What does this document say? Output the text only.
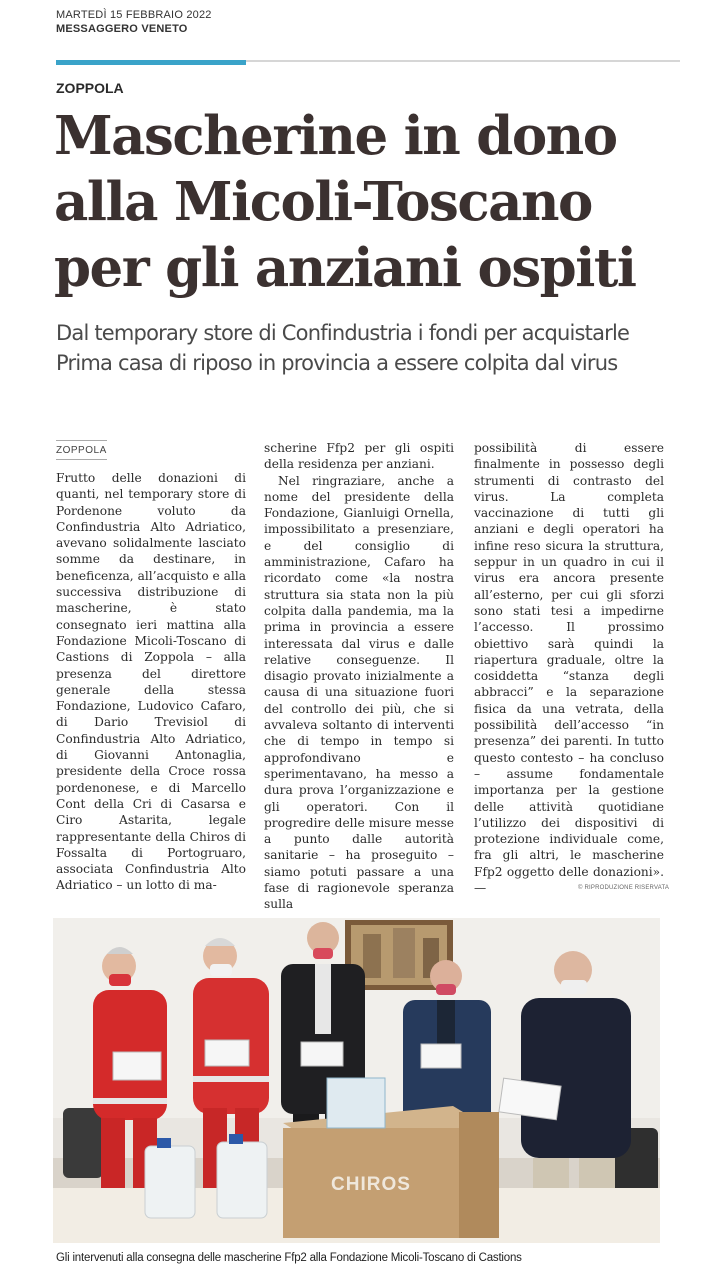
MARTEDÌ 15 FEBBRAIO 2022
MESSAGGERO VENETO
ZOPPOLA
Mascherine in dono
alla Micoli-Toscano
per gli anziani ospiti
Dal temporary store di Confindustria i fondi per acquistarle
Prima casa di riposo in provincia a essere colpita dal virus
ZOPPOLA

Frutto delle donazioni di quanti, nel temporary store di Pordenone voluto da Confindustria Alto Adriatico, avevano solidalmente lasciato somme da destinare, in beneficenza, all’acquisto e alla successiva distribuzione di mascherine, è stato consegnato ieri mattina alla Fondazione Micoli-Toscano di Castions di Zoppola – alla presenza del direttore generale della stessa Fondazione, Ludovico Cafaro, di Dario Trevisiol di Confindustria Alto Adriatico, di Giovanni Antonaglia, presidente della Croce rossa pordenonese, e di Marcello Cont della Cri di Casarsa e Ciro Astarita, legale rappresentante della Chiros di Fossalta di Portogruaro, associata Confindustria Alto Adriatico – un lotto di ma-

scherine Ffp2 per gli ospiti della residenza per anziani.

Nel ringraziare, anche a nome del presidente della Fondazione, Gianluigi Ornella, impossibilitato a presenziare, e del consiglio di amministrazione, Cafaro ha ricordato come «la nostra struttura sia stata non la più colpita dalla pandemia, ma la prima in provincia a essere interessata dal virus e dalle relative conseguenze. Il disagio provato inizialmente a causa di una situazione fuori del controllo dei più, che si avvaleva soltanto di interventi che di tempo in tempo si approfondivano e sperimentavano, ha messo a dura prova l’organizzazione e gli operatori. Con il progredire delle misure messe a punto dalle autorità sanitarie – ha proseguito – siamo potuti passare a una fase di ragionevole speranza sulla

possibilità di essere finalmente in possesso degli strumenti di contrasto del virus. La completa vaccinazione di tutti gli anziani e degli operatori ha infine reso sicura la struttura, seppur in un quadro in cui il virus era ancora presente all’esterno, per cui gli sforzi sono stati tesi a impedirne l’accesso. Il prossimo obiettivo sarà quindi la riapertura graduale, oltre la cosiddetta “stanza degli abbracci” e la separazione fisica da una vetrata, della possibilità dell’accesso “in presenza” dei parenti. In tutto questo contesto – ha concluso – assume fondamentale importanza per la gestione delle attività quotidiane l’utilizzo dei dispositivi di protezione individuale come, fra gli altri, le mascherine Ffp2 oggetto delle donazioni». —	© RIPRODUZIONE RISERVATA
CHIROS
Gli intervenuti alla consegna delle mascherine Ffp2 alla Fondazione Micoli-Toscano di Castions
